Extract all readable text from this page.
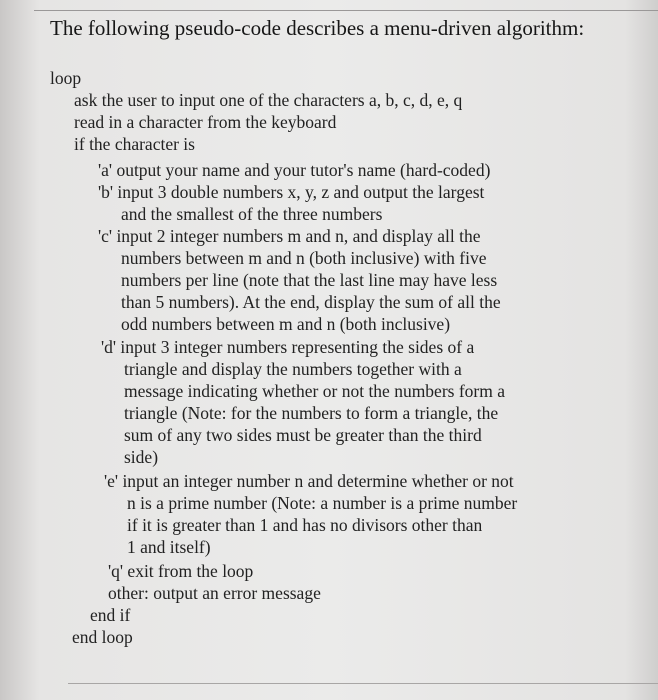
The following pseudo-code describes a menu-driven algorithm:
loop
ask the user to input one of the characters a, b, c, d, e, q
read in a character from the keyboard
if the character is
'a' output your name and your tutor's name (hard-coded)
'b' input 3 double numbers x, y, z and output the largest
and the smallest of the three numbers
'c' input 2 integer numbers m and n, and display all the
numbers between m and n (both inclusive) with five
numbers per line (note that the last line may have less
than 5 numbers). At the end, display the sum of all the
odd numbers between m and n (both inclusive)
'd' input 3 integer numbers representing the sides of a
triangle and display the numbers together with a
message indicating whether or not the numbers form a
triangle (Note: for the numbers to form a triangle, the
sum of any two sides must be greater than the third
side)
'e' input an integer number n and determine whether or not
n is a prime number (Note: a number is a prime number
if it is greater than 1 and has no divisors other than
1 and itself)
'q' exit from the loop
other: output an error message
end if
end loop
